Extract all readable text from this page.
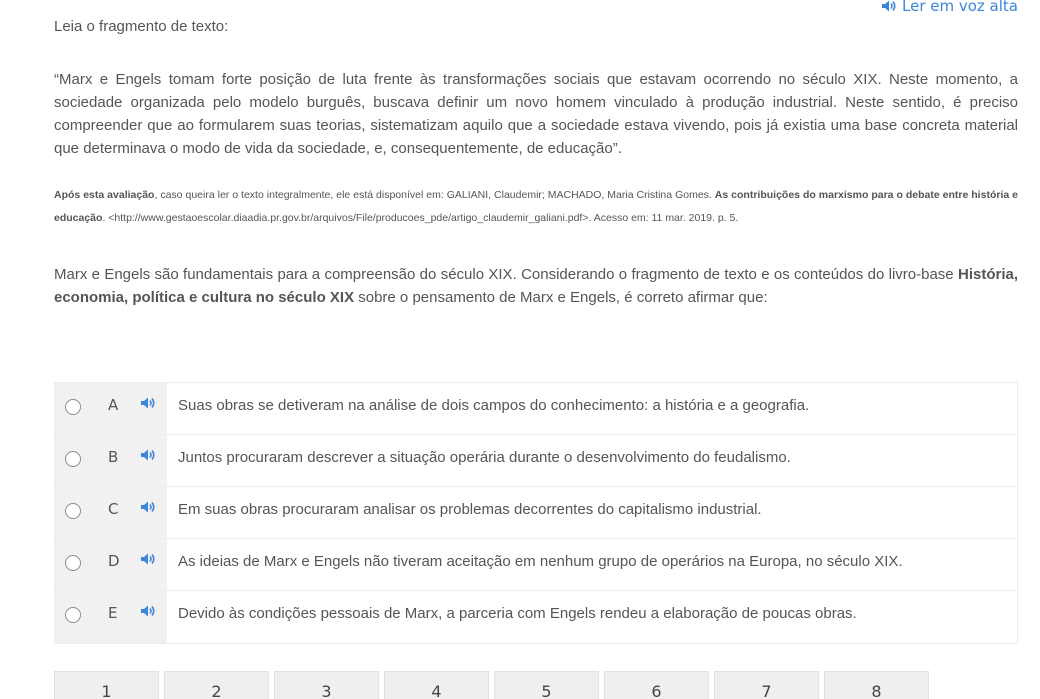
Ler em voz alta

Leia o fragmento de texto:

“Marx e Engels tomam forte posição de luta frente às transformações sociais que estavam ocorrendo no século XIX. Neste momento, a sociedade organizada pelo modelo burguês, buscava definir um novo homem vinculado à produção industrial. Neste sentido, é preciso compreender que ao formularem suas teorias, sistematizam aquilo que a sociedade estava vivendo, pois já existia uma base concreta material que determinava o modo de vida da sociedade, e, consequentemente, de educação”.

Após esta avaliação, caso queira ler o texto integralmente, ele está disponível em: GALIANI, Claudemir; MACHADO, Maria Cristina Gomes. As contribuições do marxismo para o debate entre história e educação. <http://www.gestaoescolar.diaadia.pr.gov.br/arquivos/File/producoes_pde/artigo_claudemir_galiani.pdf>. Acesso em: 11 mar. 2019. p. 5.

Marx e Engels são fundamentais para a compreensão do século XIX. Considerando o fragmento de texto e os conteúdos do livro-base História, economia, política e cultura no século XIX sobre o pensamento de Marx e Engels, é correto afirmar que:

A	Suas obras se detiveram na análise de dois campos do conhecimento: a história e a geografia.
B	Juntos procuraram descrever a situação operária durante o desenvolvimento do feudalismo.
C	Em suas obras procuraram analisar os problemas decorrentes do capitalismo industrial.
D	As ideias de Marx e Engels não tiveram aceitação em nenhum grupo de operários na Europa, no século XIX.
E	Devido às condições pessoais de Marx, a parceria com Engels rendeu a elaboração de poucas obras.
1	2	3	4	5	6	7	8
